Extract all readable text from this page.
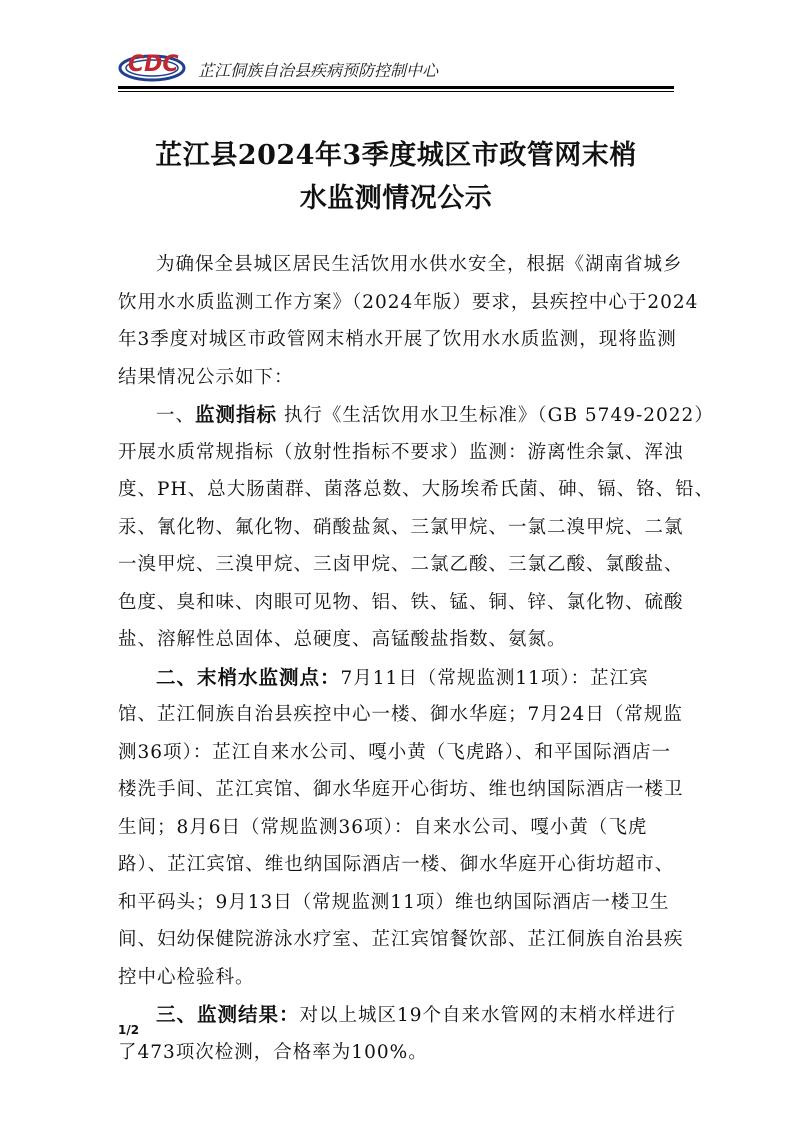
CDC 芷江侗族自治县疾病预防控制中心
芷江县2024年3季度城区市政管网末梢
水监测情况公示
为确保全县城区居民生活饮用水供水安全，根据《湖南省城乡
饮用水水质监测工作方案》（2024年版）要求，县疾控中心于2024
年3季度对城区市政管网末梢水开展了饮用水水质监测，现将监测
结果情况公示如下：
一、监测指标 执行《生活饮用水卫生标准》（GB 5749-2022）
开展水质常规指标（放射性指标不要求）监测：游离性余氯、浑浊
度、PH、总大肠菌群、菌落总数、大肠埃希氏菌、砷、镉、铬、铅、
汞、氰化物、氟化物、硝酸盐氮、三氯甲烷、一氯二溴甲烷、二氯
一溴甲烷、三溴甲烷、三卤甲烷、二氯乙酸、三氯乙酸、氯酸盐、
色度、臭和味、肉眼可见物、铝、铁、锰、铜、锌、氯化物、硫酸
盐、溶解性总固体、总硬度、高锰酸盐指数、氨氮。
二、末梢水监测点：7月11日（常规监测11项）：芷江宾
馆、芷江侗族自治县疾控中心一楼、御水华庭；7月24日（常规监
测36项）：芷江自来水公司、嘎小黄（飞虎路）、和平国际酒店一
楼洗手间、芷江宾馆、御水华庭开心街坊、维也纳国际酒店一楼卫
生间；8月6日（常规监测36项）：自来水公司、嘎小黄（飞虎
路）、芷江宾馆、维也纳国际酒店一楼、御水华庭开心街坊超市、
和平码头；9月13日（常规监测11项）维也纳国际酒店一楼卫生
间、妇幼保健院游泳水疗室、芷江宾馆餐饮部、芷江侗族自治县疾
控中心检验科。
三、监测结果：对以上城区19个自来水管网的末梢水样进行
了473项次检测，合格率为100%。
1/2
